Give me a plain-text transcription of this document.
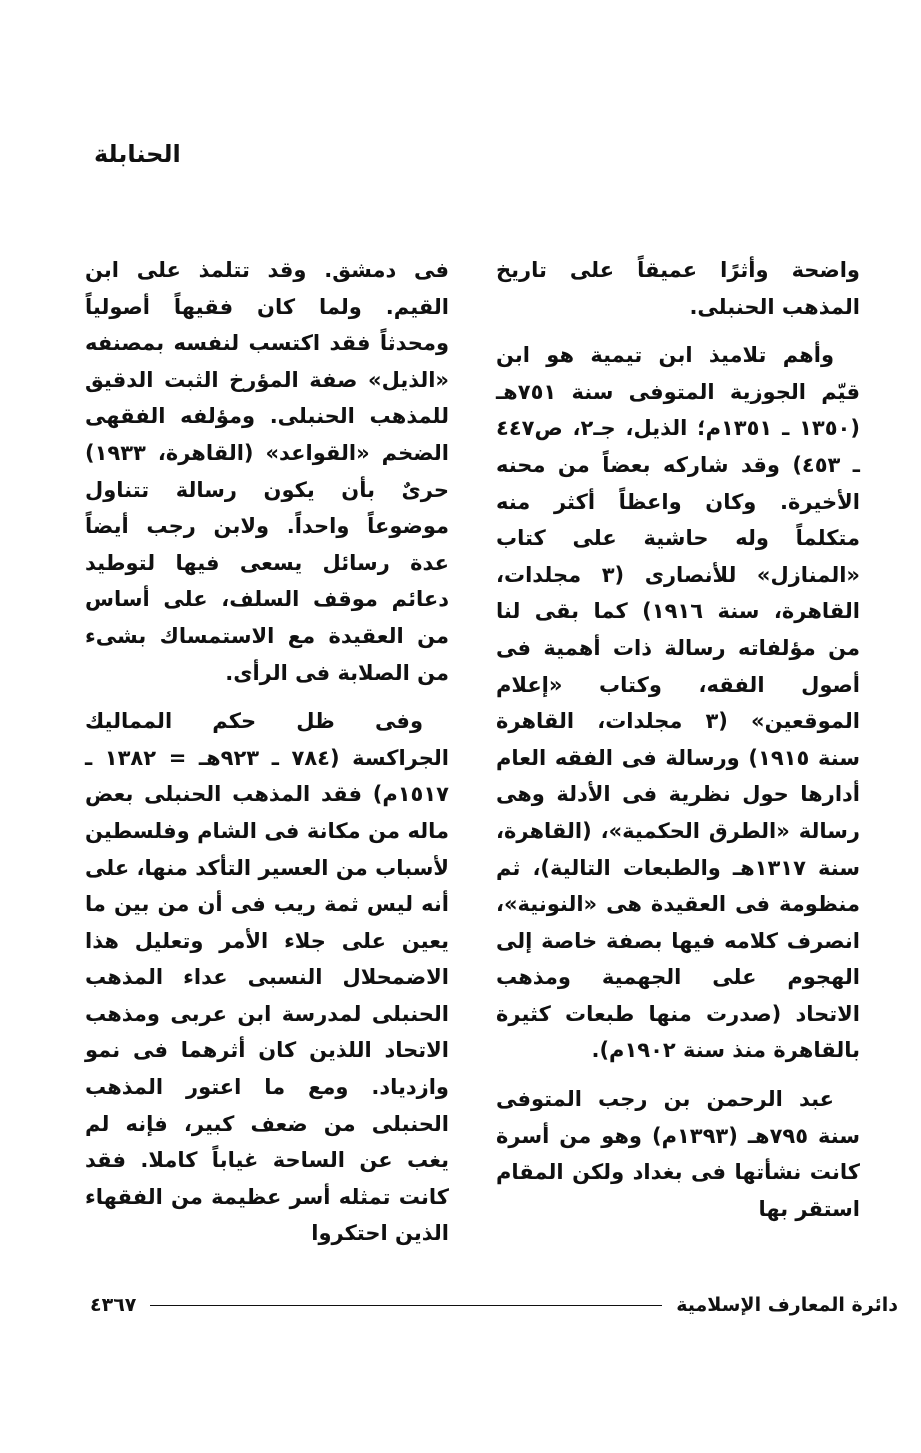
الحنابلة

واضحة وأثرًا عميقاً على تاريخ المذهب الحنبلى.

وأهم تلاميذ ابن تيمية هو ابن قيّم الجوزية المتوفى سنة ٧٥١هـ (١٣٥٠ ـ ١٣٥١م؛ الذيل، جـ٢، ص٤٤٧ ـ ٤٥٣) وقد شاركه بعضاً من محنه الأخيرة. وكان واعظاً أكثر منه متكلماً وله حاشية على كتاب «المنازل» للأنصارى (٣ مجلدات، القاهرة، سنة ١٩١٦) كما بقى لنا من مؤلفاته رسالة ذات أهمية فى أصول الفقه، وكتاب «إعلام الموقعين» (٣ مجلدات، القاهرة سنة ١٩١٥) ورسالة فى الفقه العام أدارها حول نظرية فى الأدلة وهى رسالة «الطرق الحكمية»، (القاهرة، سنة ١٣١٧هـ والطبعات التالية)، ثم منظومة فى العقيدة هى «النونية»، انصرف كلامه فيها بصفة خاصة إلى الهجوم على الجهمية ومذهب الاتحاد (صدرت منها طبعات كثيرة بالقاهرة منذ سنة ١٩٠٢م).

عبد الرحمن بن رجب المتوفى سنة ٧٩٥هـ (١٣٩٣م) وهو من أسرة كانت نشأتها فى بغداد ولكن المقام استقر بها

فى دمشق. وقد تتلمذ على ابن القيم. ولما كان فقيهاً أصولياً ومحدثاً فقد اكتسب لنفسه بمصنفه «الذيل» صفة المؤرخ الثبت الدقيق للمذهب الحنبلى. ومؤلفه الفقهى الضخم «القواعد» (القاهرة، ١٩٣٣) حرىٌ بأن يكون رسالة تتناول موضوعاً واحداً. ولابن رجب أيضاً عدة رسائل يسعى فيها لتوطيد دعائم موقف السلف، على أساس من العقيدة مع الاستمساك بشىء من الصلابة فى الرأى.

وفى ظل حكم المماليك الجراكسة (٧٨٤ ـ ٩٢٣هـ = ١٣٨٢ ـ ١٥١٧م) فقد المذهب الحنبلى بعض ماله من مكانة فى الشام وفلسطين لأسباب من العسير التأكد منها، على أنه ليس ثمة ريب فى أن من بين ما يعين على جلاء الأمر وتعليل هذا الاضمحلال النسبى عداء المذهب الحنبلى لمدرسة ابن عربى ومذهب الاتحاد اللذين كان أثرهما فى نمو وازدياد. ومع ما اعتور المذهب الحنبلى من ضعف كبير، فإنه لم يغب عن الساحة غياباً كاملا. فقد كانت تمثله أسر عظيمة من الفقهاء الذين احتكروا

دائرة المعارف الإسلامية
٤٣٦٧
